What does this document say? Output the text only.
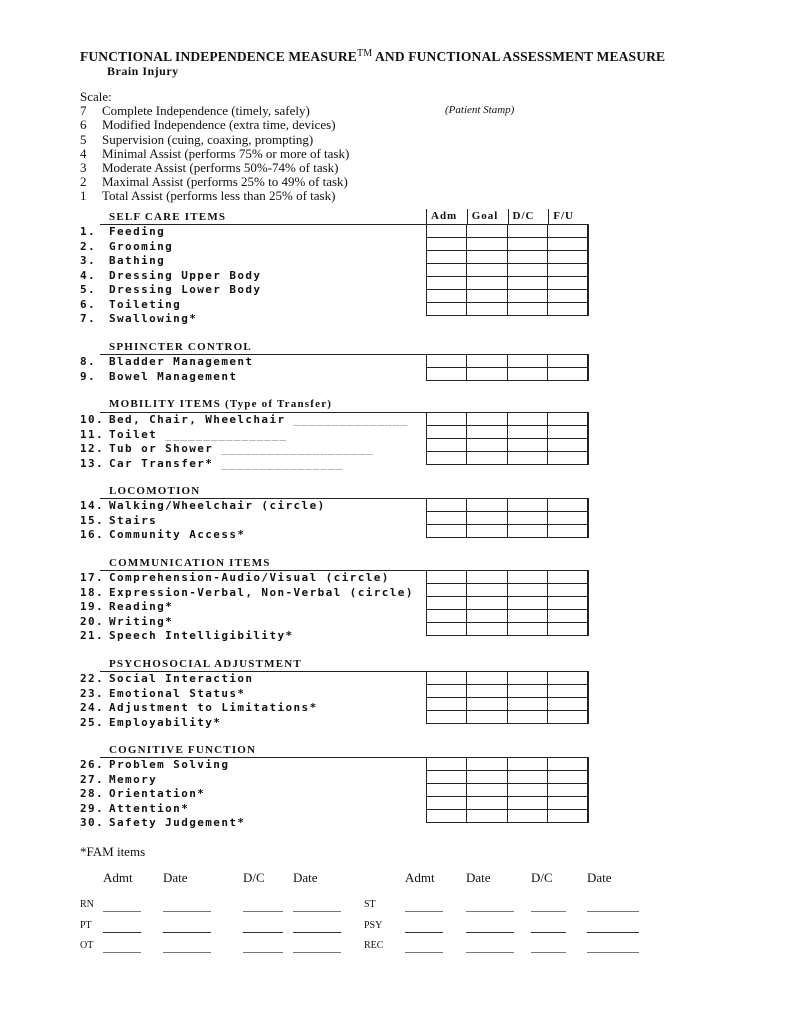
FUNCTIONAL INDEPENDENCE MEASURE™ AND FUNCTIONAL ASSESSMENT MEASURE
Brain Injury
Scale:
7	Complete Independence (timely, safely)
6	Modified Independence (extra time, devices)
5	Supervision (cuing, coaxing, prompting)
4	Minimal Assist (performs 75% or more of task)
3	Moderate Assist (performs 50%-74% of task)
2	Maximal Assist (performs 25% to 49% of task)
1	Total Assist (performs less than 25% of task)
(Patient Stamp)
Adm	Goal	D/C	F/U
SELF CARE ITEMS
1.	Feeding
2.	Grooming
3.	Bathing
4.	Dressing Upper Body
5.	Dressing Lower Body
6.	Toileting
7.	Swallowing*

SPHINCTER CONTROL
8.	Bladder Management
9.	Bowel Management

MOBILITY ITEMS (Type of Transfer)
10. Bed, Chair, Wheelchair _______________
11. Toilet ________________
12. Tub or Shower ____________________
13. Car Transfer* ________________

LOCOMOTION
14. Walking/Wheelchair (circle)
15. Stairs
16. Community Access*

COMMUNICATION ITEMS
17. Comprehension-Audio/Visual (circle)
18. Expression-Verbal, Non-Verbal (circle)
19. Reading*
20. Writing*
21. Speech Intelligibility*

PSYCHOSOCIAL ADJUSTMENT
22. Social Interaction
23. Emotional Status*
24. Adjustment to Limitations*
25. Employability*

COGNITIVE FUNCTION
26. Problem Solving
27. Memory
28. Orientation*
29. Attention*
30. Safety Judgement*

*FAM items
Admt Date	D/C Date	Admt Date	D/C	Date
RN	ST
PT	PSY
OT	REC
